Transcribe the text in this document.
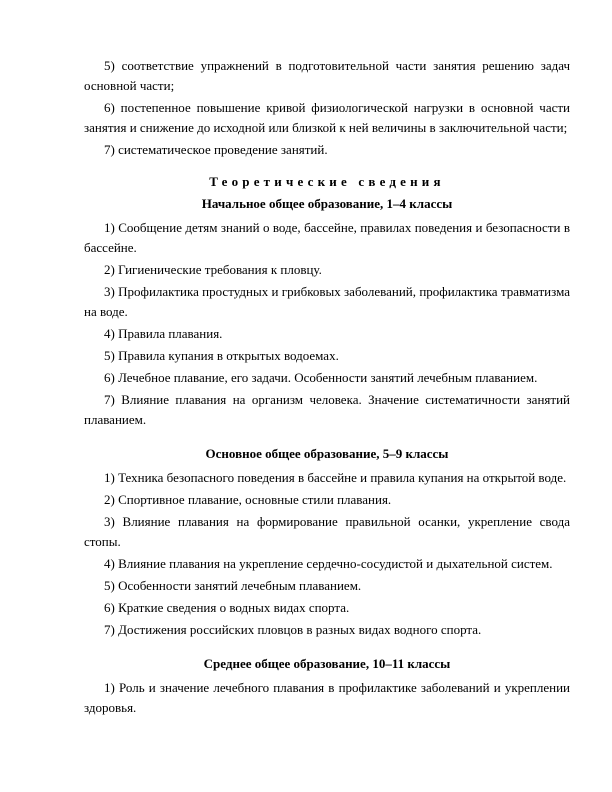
5) соответствие упражнений в подготовительной части занятия решению задач основной части;

6) постепенное повышение кривой физиологической нагрузки в основной части занятия и снижение до исходной или близкой к ней величины в заключительной части;

7) систематическое проведение занятий.

Теоретические сведения

Начальное общее образование, 1–4 классы

1) Сообщение детям знаний о воде, бассейне, правилах поведения и безопасности в бассейне.

2) Гигиенические требования к пловцу.

3) Профилактика простудных и грибковых заболеваний, профилактика травматизма на воде.

4) Правила плавания.

5) Правила купания в открытых водоемах.

6) Лечебное плавание, его задачи. Особенности занятий лечебным плаванием.

7) Влияние плавания на организм человека. Значение систематичности занятий плаванием.

Основное общее образование, 5–9 классы

1) Техника безопасного поведения в бассейне и правила купания на открытой воде.

2) Спортивное плавание, основные стили плавания.

3) Влияние плавания на формирование правильной осанки, укрепление свода стопы.

4) Влияние плавания на укрепление сердечно-сосудистой и дыхательной систем.

5) Особенности занятий лечебным плаванием.

6) Краткие сведения о водных видах спорта.

7) Достижения российских пловцов в разных видах водного спорта.

Среднее общее образование, 10–11 классы

1) Роль и значение лечебного плавания в профилактике заболеваний и укреплении здоровья.
